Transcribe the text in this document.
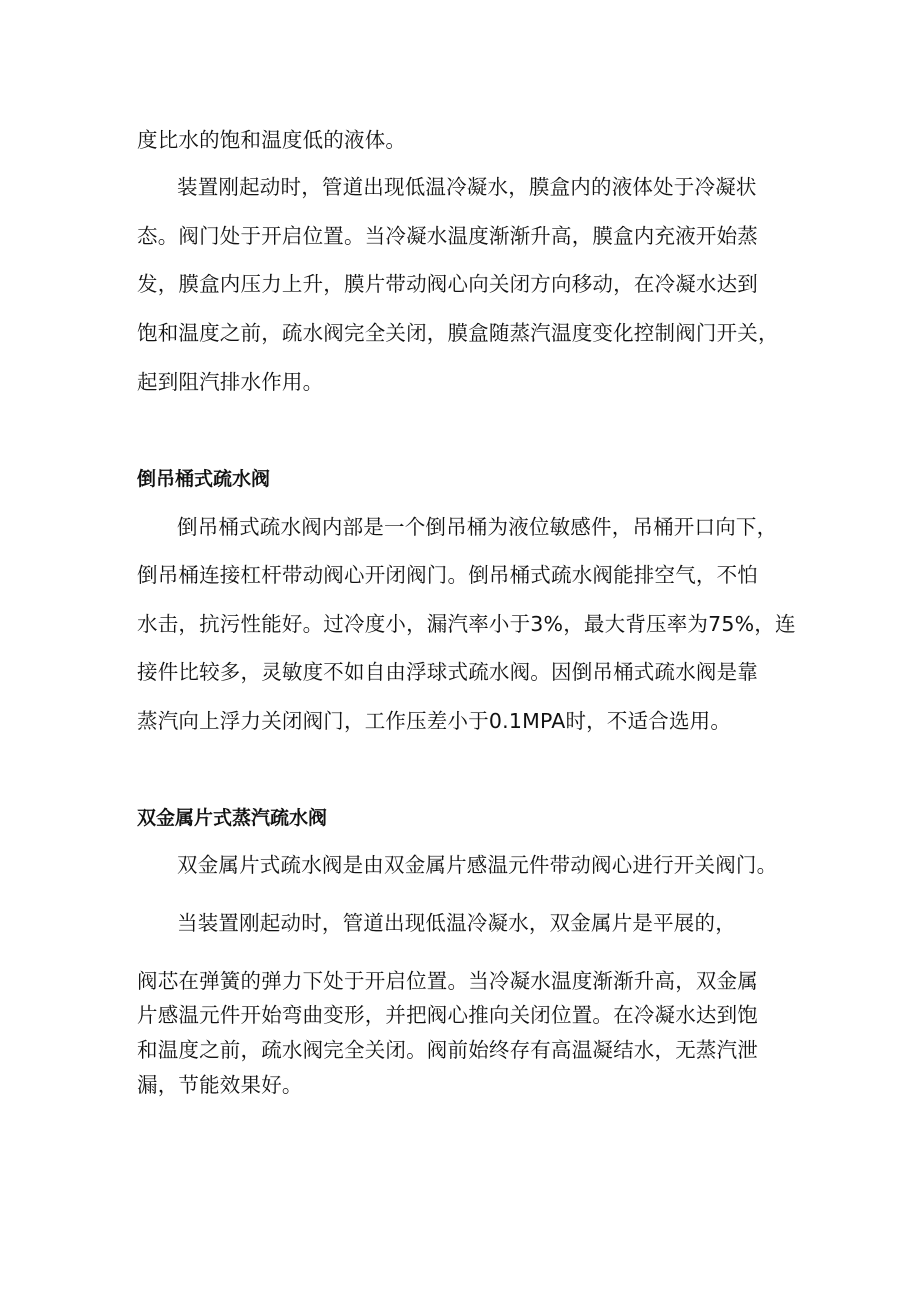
度比水的饱和温度低的液体。
装置刚起动时，管道出现低温冷凝水，膜盒内的液体处于冷凝状
态。阀门处于开启位置。当冷凝水温度渐渐升高，膜盒内充液开始蒸
发，膜盒内压力上升，膜片带动阀心向关闭方向移动，在冷凝水达到
饱和温度之前，疏水阀完全关闭，膜盒随蒸汽温度变化控制阀门开关，
起到阻汽排水作用。
倒吊桶式疏水阀
倒吊桶式疏水阀内部是一个倒吊桶为液位敏感件，吊桶开口向下，
倒吊桶连接杠杆带动阀心开闭阀门。倒吊桶式疏水阀能排空气，不怕
水击，抗污性能好。过冷度小，漏汽率小于3%，最大背压率为75%，连
接件比较多，灵敏度不如自由浮球式疏水阀。因倒吊桶式疏水阀是靠
蒸汽向上浮力关闭阀门，工作压差小于0.1MPA时，不适合选用。
双金属片式蒸汽疏水阀
双金属片式疏水阀是由双金属片感温元件带动阀心进行开关阀门。
当装置刚起动时，管道出现低温冷凝水，双金属片是平展的，
阀芯在弹簧的弹力下处于开启位置。当冷凝水温度渐渐升高，双金属
片感温元件开始弯曲变形，并把阀心推向关闭位置。在冷凝水达到饱
和温度之前，疏水阀完全关闭。阀前始终存有高温凝结水，无蒸汽泄
漏，节能效果好。
